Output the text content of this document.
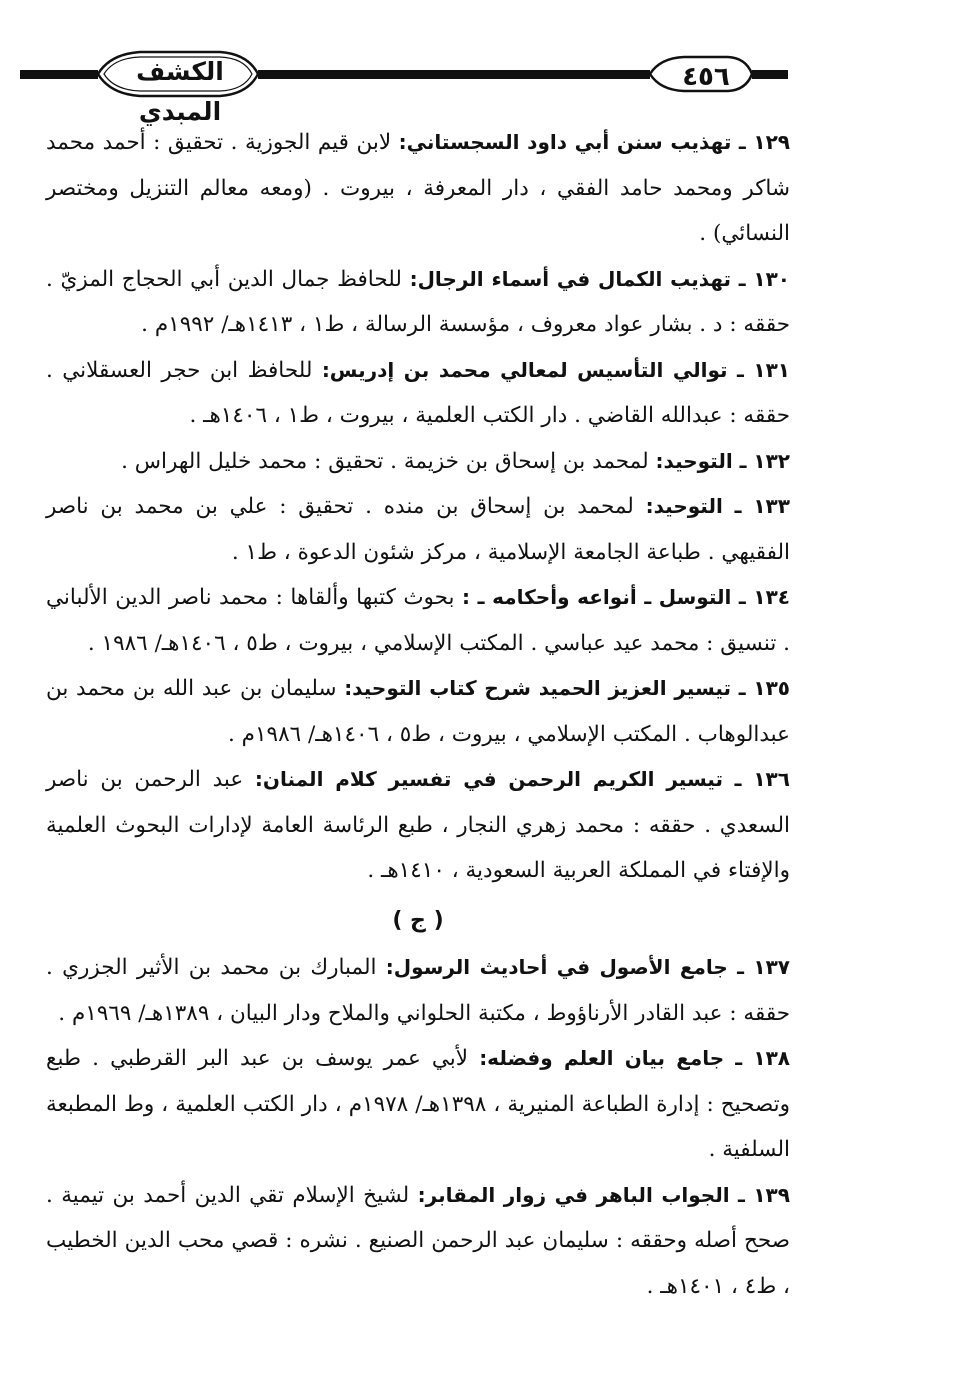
٤٥٦
الكشف المبدي

١٢٩ ـ تهذيب سنن أبي داود السجستاني: لابن قيم الجوزية . تحقيق : أحمد محمد شاكر ومحمد حامد الفقي ، دار المعرفة ، بيروت . (ومعه معالم التنزيل ومختصر النسائي) .

١٣٠ ـ تهذيب الكمال في أسماء الرجال: للحافظ جمال الدين أبي الحجاج المزيّ . حققه : د . بشار عواد معروف ، مؤسسة الرسالة ، ط١ ، ١٤١٣هـ/ ١٩٩٢م .

١٣١ ـ توالي التأسيس لمعالي محمد بن إدريس: للحافظ ابن حجر العسقلاني . حققه : عبدالله القاضي . دار الكتب العلمية ، بيروت ، ط١ ، ١٤٠٦هـ .

١٣٢ ـ التوحيد: لمحمد بن إسحاق بن خزيمة . تحقيق : محمد خليل الهراس .

١٣٣ ـ التوحيد: لمحمد بن إسحاق بن منده . تحقيق : علي بن محمد بن ناصر الفقيهي . طباعة الجامعة الإسلامية ، مركز شئون الدعوة ، ط١ .

١٣٤ ـ التوسل ـ أنواعه وأحكامه ـ : بحوث كتبها وألقاها : محمد ناصر الدين الألباني . تنسيق : محمد عيد عباسي . المكتب الإسلامي ، بيروت ، ط٥ ، ١٤٠٦هـ/ ١٩٨٦ .

١٣٥ ـ تيسير العزيز الحميد شرح كتاب التوحيد: سليمان بن عبد الله بن محمد بن عبدالوهاب . المكتب الإسلامي ، بيروت ، ط٥ ، ١٤٠٦هـ/ ١٩٨٦م .

١٣٦ ـ تيسير الكريم الرحمن في تفسير كلام المنان: عبد الرحمن بن ناصر السعدي . حققه : محمد زهري النجار ، طبع الرئاسة العامة لإدارات البحوث العلمية والإفتاء في المملكة العربية السعودية ، ١٤١٠هـ .

( ج )

١٣٧ ـ جامع الأصول في أحاديث الرسول: المبارك بن محمد بن الأثير الجزري . حققه : عبد القادر الأرناؤوط ، مكتبة الحلواني والملاح ودار البيان ، ١٣٨٩هـ/ ١٩٦٩م .

١٣٨ ـ جامع بيان العلم وفضله: لأبي عمر يوسف بن عبد البر القرطبي . طبع وتصحيح : إدارة الطباعة المنيرية ، ١٣٩٨هـ/ ١٩٧٨م ، دار الكتب العلمية ، وط المطبعة السلفية .

١٣٩ ـ الجواب الباهر في زوار المقابر: لشيخ الإسلام تقي الدين أحمد بن تيمية . صحح أصله وحققه : سليمان عبد الرحمن الصنيع . نشره : قصي محب الدين الخطيب ، ط٤ ، ١٤٠١هـ .
